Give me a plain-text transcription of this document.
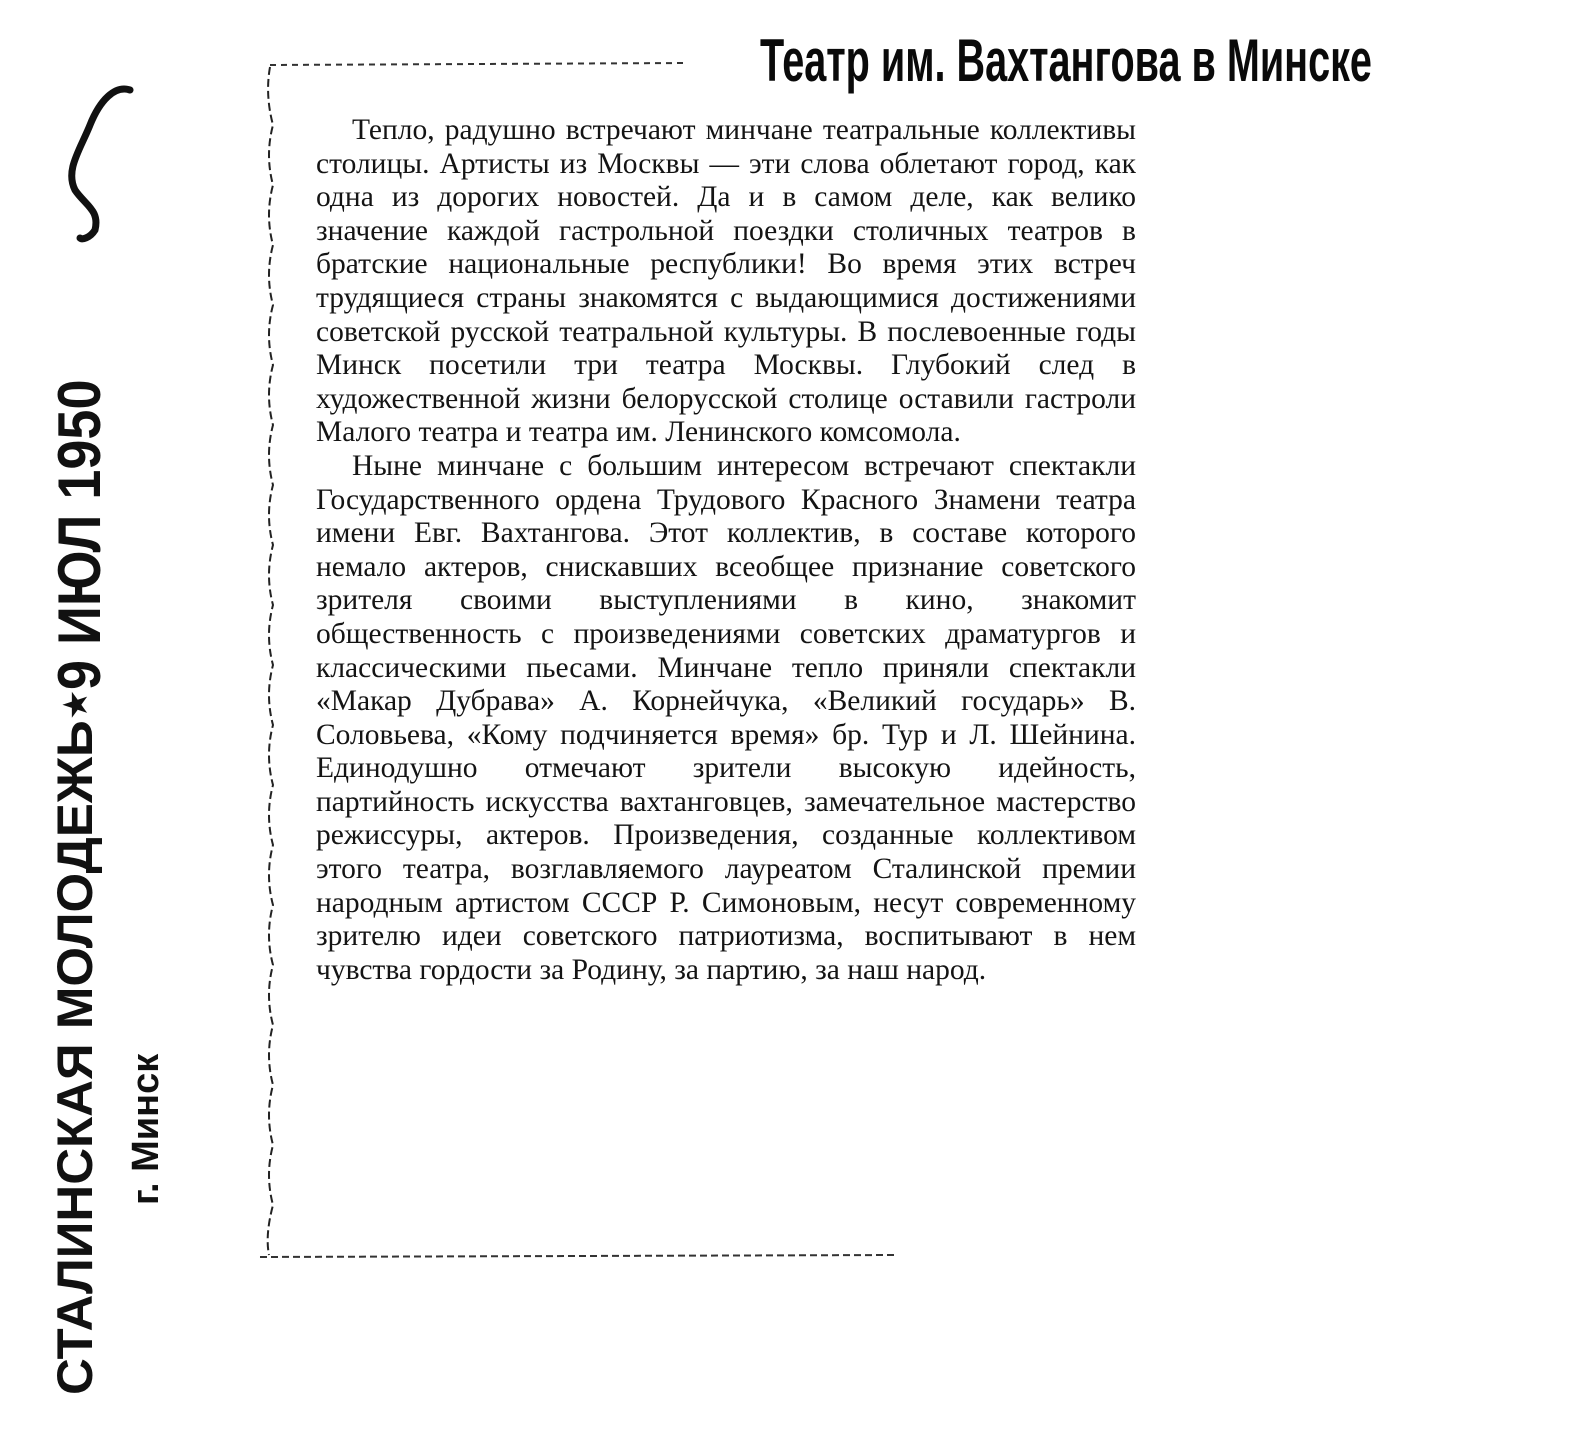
СТАЛИНСКАЯ МОЛОДЕЖЬ г. Минск
★
9 ИЮЛ 1950
Театр им. Вахтангова в Минске

Тепло, радушно встречают минчане театральные коллективы столицы. Артисты из Москвы — эти слова облетают город, как одна из дорогих новостей. Да и в самом деле, как велико значение каждой гастрольной поездки столичных театров в братские национальные республики! Во время этих встреч трудящиеся страны знакомятся с выдающимися достижениями советской русской театральной культуры. В послевоенные годы Минск посетили три театра Москвы. Глубокий след в художественной жизни белорусской столице оставили гастроли Малого театра и театра им. Ленинского комсомола.

Ныне минчане с большим интересом встречают спектакли Государственного ордена Трудового Красного Знамени театра имени Евг. Вахтангова. Этот коллектив, в составе которого немало актеров, снискавших всеобщее признание советского зрителя своими выступлениями в кино, знакомит общественность с произведениями советских драматургов и классическими пьесами. Минчане тепло приняли спектакли «Макар Дубрава» А. Корнейчука, «Великий государь» В. Соловьева, «Кому подчиняется время» бр. Тур и Л. Шейнина. Единодушно отмечают зрители высокую идейность, партийность искусства вахтанговцев, замечательное мастерство режиссуры, актеров. Произведения, созданные коллективом этого театра, возглавляемого лауреатом Сталинской премии народным артистом СССР Р. Симоновым, несут современному зрителю идеи советского патриотизма, воспитывают в нем чувства гордости за Родину, за партию, за наш народ.
